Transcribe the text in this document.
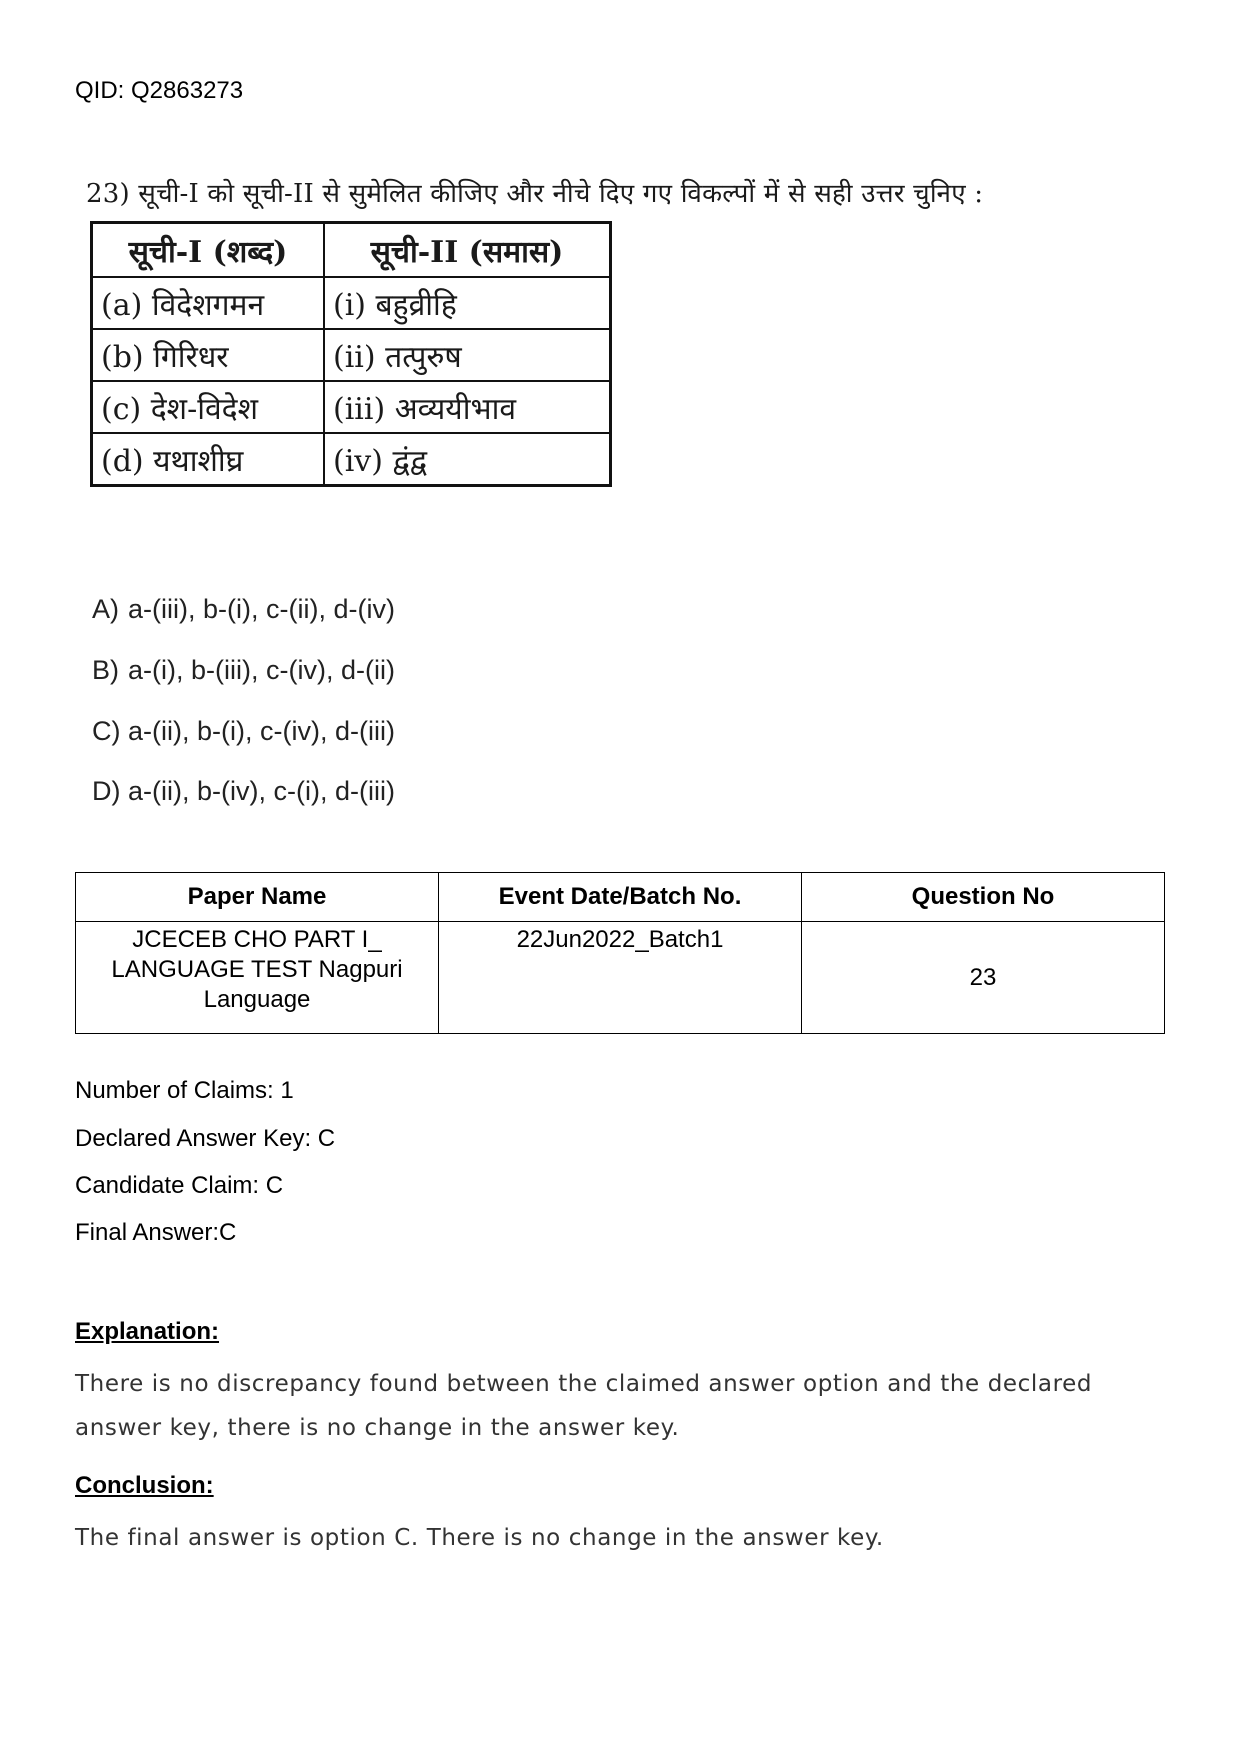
QID: Q2863273
23) सूची-I को सूची-II से सुमेलित कीजिए और नीचे दिए गए विकल्पों में से सही उत्तर चुनिए :
सूची-I (शब्द)	सूची-II (समास)
(a) विदेशगमन	(i) बहुव्रीहि
(b) गिरिधर	(ii) तत्पुरुष
(c) देश-विदेश	(iii) अव्ययीभाव
(d) यथाशीघ्र	(iv) द्वंद्व
A) a-(iii), b-(i), c-(ii), d-(iv)
B) a-(i), b-(iii), c-(iv), d-(ii)
C) a-(ii), b-(i), c-(iv), d-(iii)
D) a-(ii), b-(iv), c-(i), d-(iii)
Paper Name	Event Date/Batch No.	Question No
JCECEB CHO PART I_ LANGUAGE TEST Nagpuri Language	22Jun2022_Batch1	23
Number of Claims: 1
Declared Answer Key: C
Candidate Claim: C
Final Answer:C
Explanation:
There is no discrepancy found between the claimed answer option and the declared answer key, there is no change in the answer key.
Conclusion:
The final answer is option C. There is no change in the answer key.
